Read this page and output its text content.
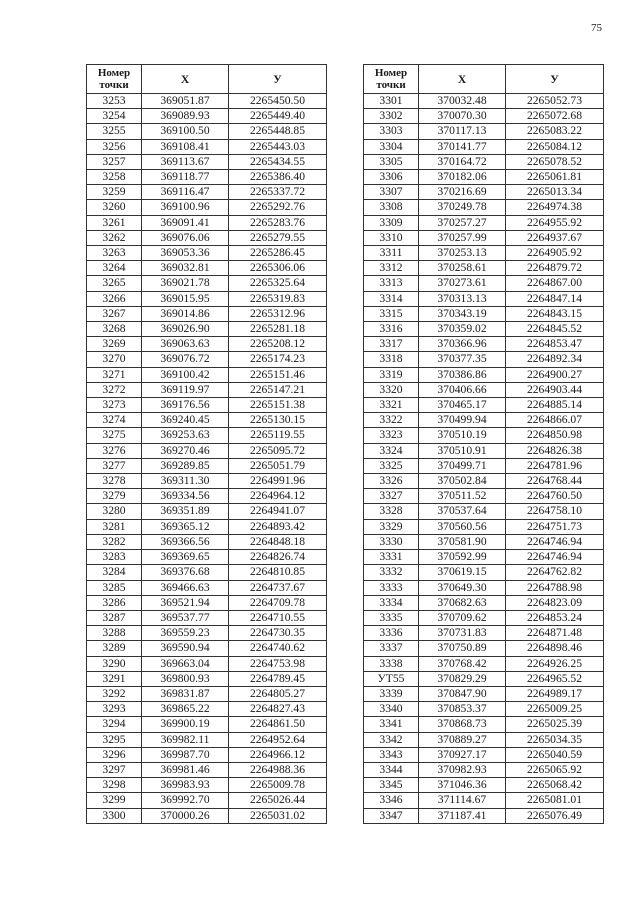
75
Номер
точки	X	У
3253	369051.87	2265450.50
3254	369089.93	2265449.40
3255	369100.50	2265448.85
3256	369108.41	2265443.03
3257	369113.67	2265434.55
3258	369118.77	2265386.40
3259	369116.47	2265337.72
3260	369100.96	2265292.76
3261	369091.41	2265283.76
3262	369076.06	2265279.55
3263	369053.36	2265286.45
3264	369032.81	2265306.06
3265	369021.78	2265325.64
3266	369015.95	2265319.83
3267	369014.86	2265312.96
3268	369026.90	2265281.18
3269	369063.63	2265208.12
3270	369076.72	2265174.23
3271	369100.42	2265151.46
3272	369119.97	2265147.21
3273	369176.56	2265151.38
3274	369240.45	2265130.15
3275	369253.63	2265119.55
3276	369270.46	2265095.72
3277	369289.85	2265051.79
3278	369311.30	2264991.96
3279	369334.56	2264964.12
3280	369351.89	2264941.07
3281	369365.12	2264893.42
3282	369366.56	2264848.18
3283	369369.65	2264826.74
3284	369376.68	2264810.85
3285	369466.63	2264737.67
3286	369521.94	2264709.78
3287	369537.77	2264710.55
3288	369559.23	2264730.35
3289	369590.94	2264740.62
3290	369663.04	2264753.98
3291	369800.93	2264789.45
3292	369831.87	2264805.27
3293	369865.22	2264827.43
3294	369900.19	2264861.50
3295	369982.11	2264952.64
3296	369987.70	2264966.12
3297	369981.46	2264988.36
3298	369983.93	2265009.78
3299	369992.70	2265026.44
3300	370000.26	2265031.02
Номер
точки	X	У
3301	370032.48	2265052.73
3302	370070.30	2265072.68
3303	370117.13	2265083.22
3304	370141.77	2265084.12
3305	370164.72	2265078.52
3306	370182.06	2265061.81
3307	370216.69	2265013.34
3308	370249.78	2264974.38
3309	370257.27	2264955.92
3310	370257.99	2264937.67
3311	370253.13	2264905.92
3312	370258.61	2264879.72
3313	370273.61	2264867.00
3314	370313.13	2264847.14
3315	370343.19	2264843.15
3316	370359.02	2264845.52
3317	370366.96	2264853.47
3318	370377.35	2264892.34
3319	370386.86	2264900.27
3320	370406.66	2264903.44
3321	370465.17	2264885.14
3322	370499.94	2264866.07
3323	370510.19	2264850.98
3324	370510.91	2264826.38
3325	370499.71	2264781.96
3326	370502.84	2264768.44
3327	370511.52	2264760.50
3328	370537.64	2264758.10
3329	370560.56	2264751.73
3330	370581.90	2264746.94
3331	370592.99	2264746.94
3332	370619.15	2264762.82
3333	370649.30	2264788.98
3334	370682.63	2264823.09
3335	370709.62	2264853.24
3336	370731.83	2264871.48
3337	370750.89	2264898.46
3338	370768.42	2264926.25
УТ55	370829.29	2264965.52
3339	370847.90	2264989.17
3340	370853.37	2265009.25
3341	370868.73	2265025.39
3342	370889.27	2265034.35
3343	370927.17	2265040.59
3344	370982.93	2265065.92
3345	371046.36	2265068.42
3346	371114.67	2265081.01
3347	371187.41	2265076.49
